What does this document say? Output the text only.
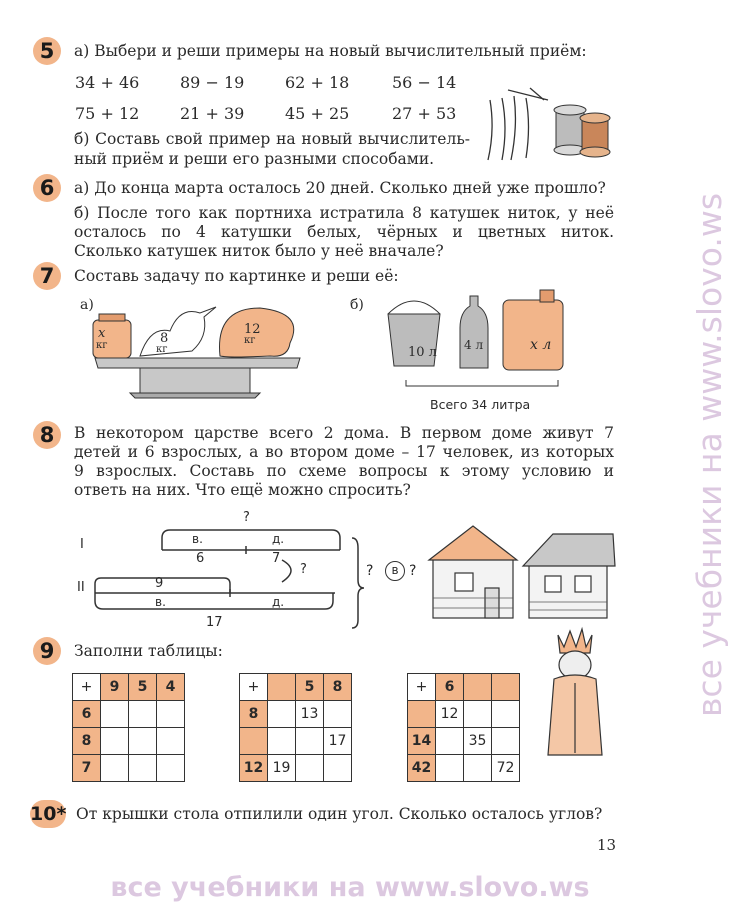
5	а) Выбери и реши примеры на новый вычислительный приём:
34 + 46	89 − 19	62 + 18	56 − 14
75 + 12	21 + 39	45 + 25	27 + 53
б) Составь свой пример на новый вычислитель-
ный приём и реши его разными способами.
6	а) До конца марта осталось 20 дней. Сколько дней уже прошло?
б) После того как портниха истратила 8 катушек ниток, у неё
осталось по 4 катушки белых, чёрных и цветных ниток.
Сколько катушек ниток было у неё вначале?
7	Составь задачу по картинке и реши её:
а)	б)
х
кг	8
кг
12
кг
10 л 4 л	х л
Всего 34 литра
8	В некотором царстве всего 2 дома. В первом доме живут 7
детей и 6 взрослых, а во втором доме – 17 человек, из которых
9 взрослых. Составь по схеме вопросы к этому условию и
ответь на них. Что ещё можно спросить?
I
II
?
в.	д.
6	7
?
9
в.	д.
17
?	в ?
9	Заполни таблицы:
+	9	5	4
6			
8			
7			
+		5	8
8		13	
			17
12	19		
+	6		
	12		
14		35	
42			72
10* От крышки стола отпилили один угол. Сколько осталось углов?
13
все учебники на www.slovo.ws
все учебники на www.slovo.ws
